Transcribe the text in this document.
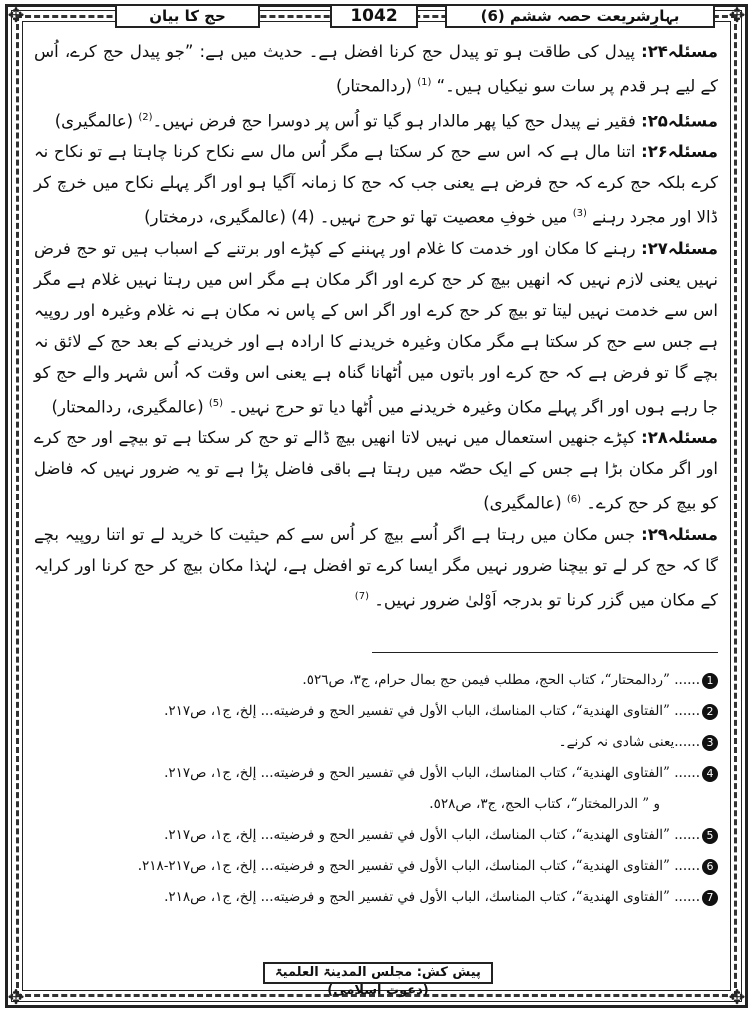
✥	✥
✥	✥
بہارِشریعت حصہ ششم (6)
1042
حج کا بیان

مسئلہ۲۴: پیدل کی طاقت ہو تو پیدل حج کرنا افضل ہے۔ حدیث میں ہے: ”جو پیدل حج کرے، اُس کے لیے ہر قدم پر سات سو نیکیاں ہیں۔“ $^{(1)}$ (ردالمحتار)

مسئلہ۲۵: فقیر نے پیدل حج کیا پھر مالدار ہو گیا تو اُس پر دوسرا حج فرض نہیں۔$^{(2)}$ (عالمگیری)

مسئلہ۲۶: اتنا مال ہے کہ اس سے حج کر سکتا ہے مگر اُس مال سے نکاح کرنا چاہتا ہے تو نکاح نہ کرے بلکہ حج کرے کہ حج فرض ہے یعنی جب کہ حج کا زمانہ آگیا ہو اور اگر پہلے نکاح میں خرچ کر ڈالا اور مجرد رہنے $^{(3)}$ میں خوفِ معصیت تھا تو حرج نہیں۔ (4) (عالمگیری، درمختار)

مسئلہ۲۷: رہنے کا مکان اور خدمت کا غلام اور پہننے کے کپڑے اور برتنے کے اسباب ہیں تو حج فرض نہیں یعنی لازم نہیں کہ انھیں بیچ کر حج کرے اور اگر مکان ہے مگر اس میں رہتا نہیں غلام ہے مگر اس سے خدمت نہیں لیتا تو بیچ کر حج کرے اور اگر اس کے پاس نہ مکان ہے نہ غلام وغیرہ اور روپیہ ہے جس سے حج کر سکتا ہے مگر مکان وغیرہ خریدنے کا ارادہ ہے اور خریدنے کے بعد حج کے لائق نہ بچے گا تو فرض ہے کہ حج کرے اور باتوں میں اُٹھانا گناہ ہے یعنی اس وقت کہ اُس شہر والے حج کو جا رہے ہوں اور اگر پہلے مکان وغیرہ خریدنے میں اُٹھا دیا تو حرج نہیں۔ $^{(5)}$ (عالمگیری، ردالمحتار)

مسئلہ۲۸: کپڑے جنھیں استعمال میں نہیں لاتا انھیں بیچ ڈالے تو حج کر سکتا ہے تو بیچے اور حج کرے اور اگر مکان بڑا ہے جس کے ایک حصّہ میں رہتا ہے باقی فاضل پڑا ہے تو یہ ضرور نہیں کہ فاضل کو بیچ کر حج کرے۔ $^{(6)}$ (عالمگیری)

مسئلہ۲۹: جس مکان میں رہتا ہے اگر اُسے بیچ کر اُس سے کم حیثیت کا خرید لے تو اتنا روپیہ بچے گا کہ حج کر لے تو بیچنا ضرور نہیں مگر ایسا کرے تو افضل ہے، لہٰذا مکان بیچ کر حج کرنا اور کرایہ کے مکان میں گزر کرنا تو بدرجہ اَوْلیٰ ضرور نہیں۔ $^{(7)}$

1...... ”ردالمحتار“، کتاب الحج، مطلب فیمن حج بمال حرام، ج٣، ص٥٢٦.
2...... ”الفتاوی الھندیة“، کتاب المناسك، الباب الأول في تفسير الحج و فرضيته... إلخ، ج١، ص٢١٧.
3......یعنی شادی نہ کرنے۔
4...... ”الفتاوی الھندیة“، کتاب المناسك، الباب الأول في تفسير الحج و فرضيته... إلخ، ج١، ص٢١٧.
و ” الدرالمختار“، کتاب الحج، ج٣، ص٥٢٨.
5...... ”الفتاوی الھندیة“، کتاب المناسك، الباب الأول في تفسير الحج و فرضيته... إلخ، ج١، ص٢١٧.
6...... ”الفتاوی الھندیة“، کتاب المناسك، الباب الأول في تفسير الحج و فرضيته... إلخ، ج١، ص٢١٧-٢١٨.
7...... ”الفتاوی الھندیة“، کتاب المناسك، الباب الأول في تفسير الحج و فرضيته... إلخ، ج١، ص٢١٨.
پیش کش: مجلس المدینۃ العلمیۃ (دعوت اسلامی)
